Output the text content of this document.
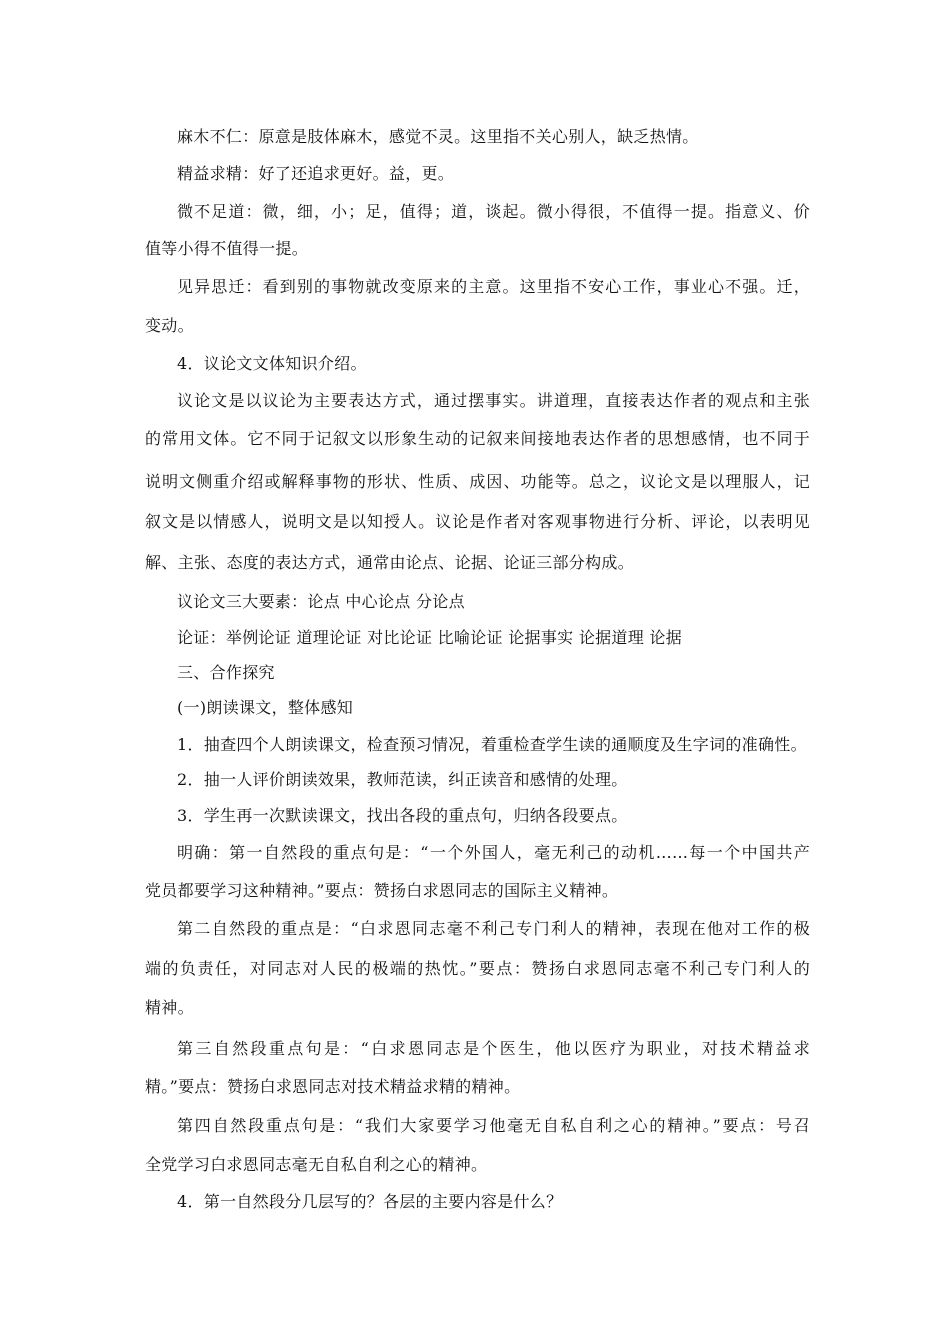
麻木不仁：原意是肢体麻木，感觉不灵。这里指不关心别人，缺乏热情。
精益求精：好了还追求更好。益，更。
微不足道：微，细，小；足，值得；道，谈起。微小得很，不值得一提。指意义、价
值等小得不值得一提。
见异思迁：看到别的事物就改变原来的主意。这里指不安心工作，事业心不强。迁，
变动。
4．议论文文体知识介绍。
议论文是以议论为主要表达方式，通过摆事实。讲道理，直接表达作者的观点和主张
的常用文体。它不同于记叙文以形象生动的记叙来间接地表达作者的思想感情，也不同于
说明文侧重介绍或解释事物的形状、性质、成因、功能等。总之，议论文是以理服人，记
叙文是以情感人，说明文是以知授人。议论是作者对客观事物进行分析、评论，以表明见
解、主张、态度的表达方式，通常由论点、论据、论证三部分构成。
议论文三大要素：论点 中心论点 分论点
论证：举例论证 道理论证 对比论证 比喻论证 论据事实 论据道理 论据
三、合作探究
(一)朗读课文，整体感知
1．抽查四个人朗读课文，检查预习情况，着重检查学生读的通顺度及生字词的准确性。
2．抽一人评价朗读效果，教师范读，纠正读音和感情的处理。
3．学生再一次默读课文，找出各段的重点句，归纳各段要点。
明确：第一自然段的重点句是：“一个外国人，毫无利己的动机……每一个中国共产
党员都要学习这种精神。”要点：赞扬白求恩同志的国际主义精神。
第二自然段的重点是：“白求恩同志毫不利己专门利人的精神，表现在他对工作的极
端的负责任，对同志对人民的极端的热忱。”要点：赞扬白求恩同志毫不利己专门利人的
精神。
第三自然段重点句是：“白求恩同志是个医生，他以医疗为职业，对技术精益求
精。”要点：赞扬白求恩同志对技术精益求精的精神。
第四自然段重点句是：“我们大家要学习他毫无自私自利之心的精神。”要点：号召
全党学习白求恩同志毫无自私自利之心的精神。
4．第一自然段分几层写的？各层的主要内容是什么？
